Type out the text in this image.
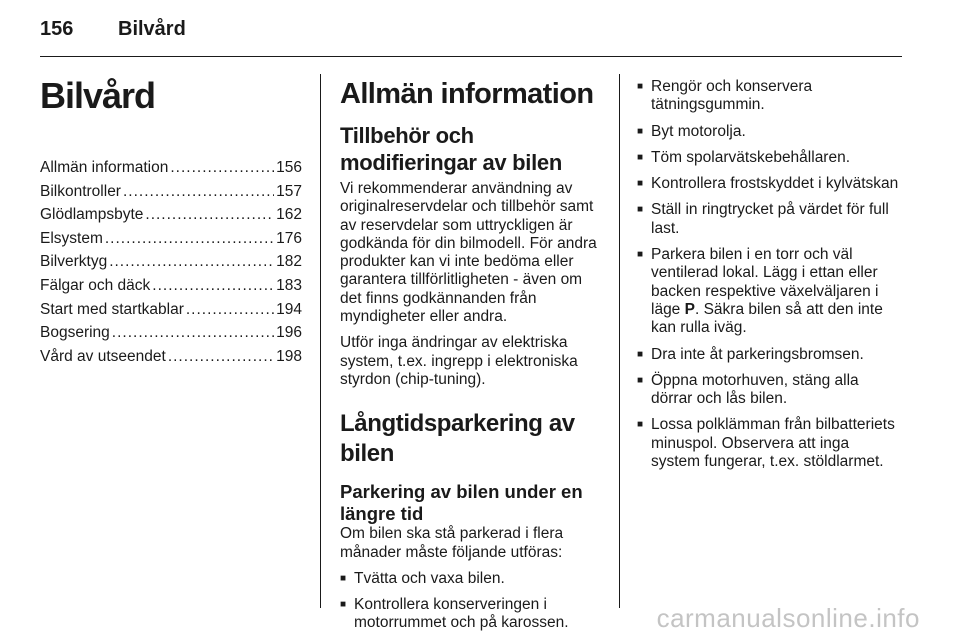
156 Bilvård
Bilvård
Allmän information .....	156
Bilkontroller .....	157
Glödlampsbyte .....	162
Elsystem .....	176
Bilverktyg .....	182
Fälgar och däck .....	183
Start med startkablar .....	194
Bogsering .....	196
Vård av utseendet .....	198
Allmän information
Tillbehör och modifieringar av bilen

Vi rekommenderar användning av originalreservdelar och tillbehör samt av reservdelar som uttryckligen är godkända för din bilmodell. För andra produkter kan vi inte bedöma eller garantera tillförlitligheten - även om det finns godkännanden från myndigheter eller andra.

Utför inga ändringar av elektriska system, t.ex. ingrepp i elektroniska styrdon (chip-tuning).

Långtidsparkering av bilen
Parkering av bilen under en längre tid

Om bilen ska stå parkerad i flera månader måste följande utföras:

■ Tvätta och vaxa bilen.
■ Kontrollera konserveringen i motorrummet och på karossen.
■ Rengör och konservera tätningsgummin.
■ Byt motorolja.
■ Töm spolarvätskebehållaren.
■ Kontrollera frostskyddet i kylvätskan
■ Ställ in ringtrycket på värdet för full last.
■ Parkera bilen i en torr och väl ventilerad lokal. Lägg i ettan eller backen respektive växelväljaren i läge P. Säkra bilen så att den inte kan rulla iväg.
■ Dra inte åt parkeringsbromsen.
■ Öppna motorhuven, stäng alla dörrar och lås bilen.
■ Lossa polklämman från bilbatteriets minuspol. Observera att inga system fungerar, t.ex. stöldlarmet.
carmanualsonline.info
